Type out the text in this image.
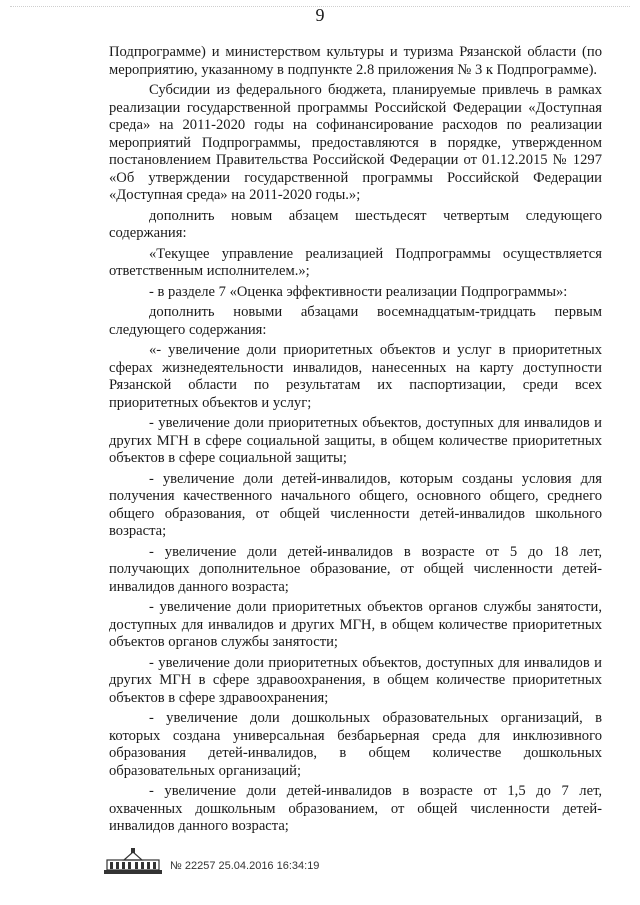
9

Подпрограмме) и министерством культуры и туризма Рязанской области (по мероприятию, указанному в подпункте 2.8 приложения № 3 к Подпрограмме).

Субсидии из федерального бюджета, планируемые привлечь в рамках реализации государственной программы Российской Федерации «Доступная среда» на 2011-2020 годы на софинансирование расходов по реализации мероприятий Подпрограммы, предоставляются в порядке, утвержденном постановлением Правительства Российской Федерации от 01.12.2015 № 1297 «Об утверждении государственной программы Российской Федерации «Доступная среда» на 2011-2020 годы.»;

дополнить новым абзацем шестьдесят четвертым следующего содержания:

«Текущее управление реализацией Подпрограммы осуществляется ответственным исполнителем.»;

- в разделе 7 «Оценка эффективности реализации Подпрограммы»:

дополнить новыми абзацами восемнадцатым-тридцать первым следующего содержания:

«- увеличение доли приоритетных объектов и услуг в приоритетных сферах жизнедеятельности инвалидов, нанесенных на карту доступности Рязанской области по результатам их паспортизации, среди всех приоритетных объектов и услуг;

- увеличение доли приоритетных объектов, доступных для инвалидов и других МГН в сфере социальной защиты, в общем количестве приоритетных объектов в сфере социальной защиты;

- увеличение доли детей-инвалидов, которым созданы условия для получения качественного начального общего, основного общего, среднего общего образования, от общей численности детей-инвалидов школьного возраста;

- увеличение доли детей-инвалидов в возрасте от 5 до 18 лет, получающих дополнительное образование, от общей численности детей-инвалидов данного возраста;

- увеличение доли приоритетных объектов органов службы занятости, доступных для инвалидов и других МГН, в общем количестве приоритетных объектов органов службы занятости;

- увеличение доли приоритетных объектов, доступных для инвалидов и других МГН в сфере здравоохранения, в общем количестве приоритетных объектов в сфере здравоохранения;

- увеличение доли дошкольных образовательных организаций, в которых создана универсальная безбарьерная среда для инклюзивного образования детей-инвалидов, в общем количестве дошкольных образовательных организаций;

- увеличение доли детей-инвалидов в возрасте от 1,5 до 7 лет, охваченных дошкольным образованием, от общей численности детей-инвалидов данного возраста;

№ 22257 25.04.2016 16:34:19
